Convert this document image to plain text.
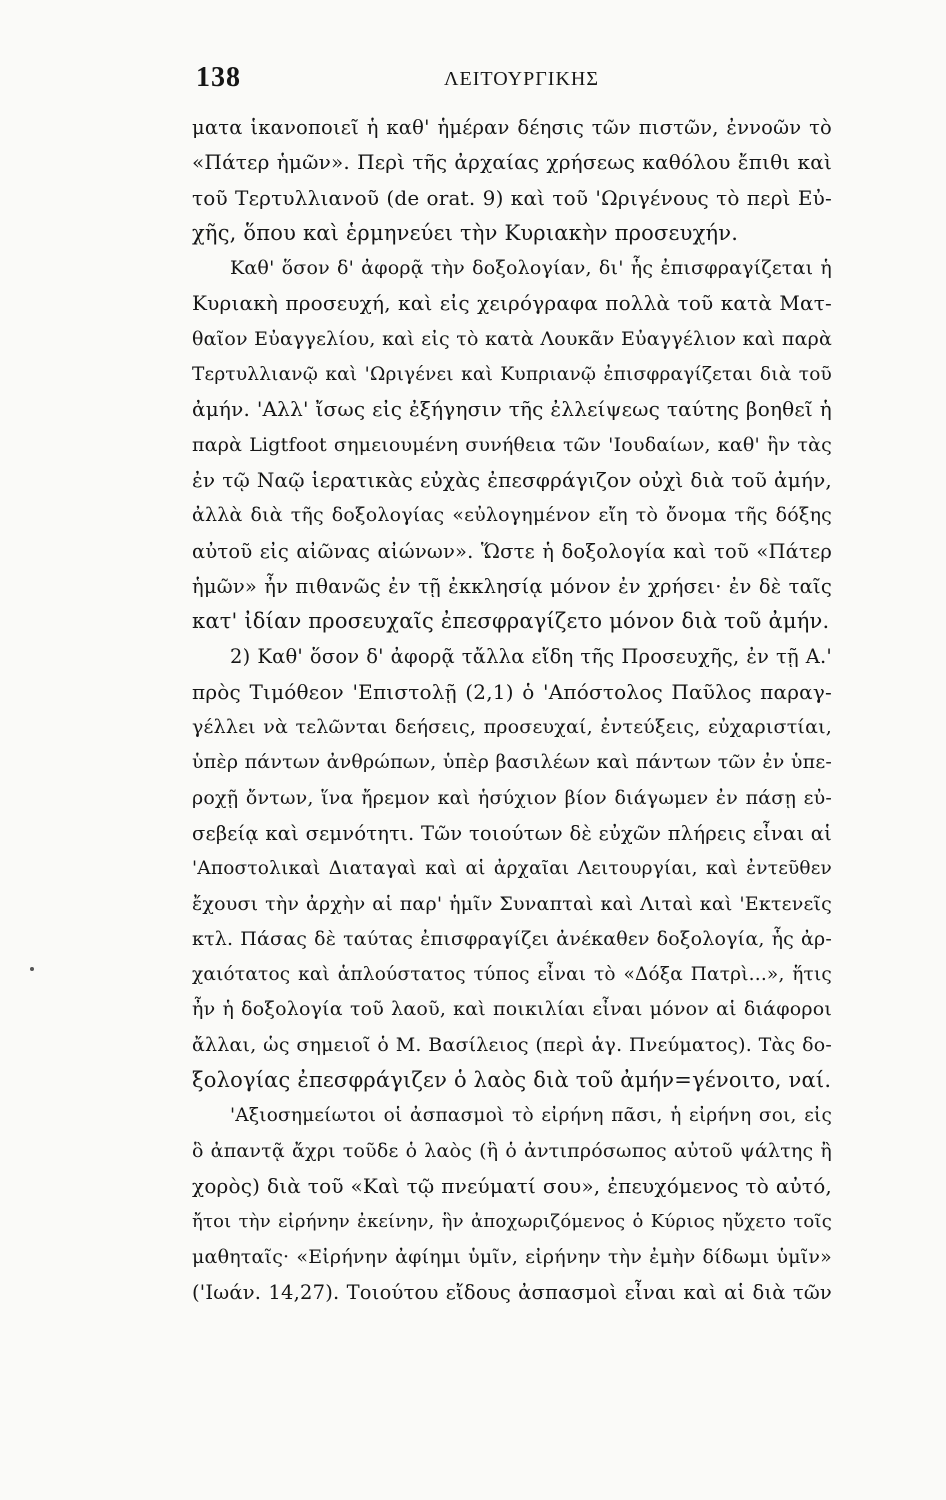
138	ΛΕΙΤΟΥΡΓΙΚΗΣ
ματα ἱκανοποιεῖ ἡ καθ' ἡμέραν δέησις τῶν πιστῶν, ἐννοῶν τὸ
«Πάτερ ἡμῶν». Περὶ τῆς ἀρχαίας χρήσεως καθόλου ἔπιθι καὶ
τοῦ Τερτυλλιανοῦ (de orat. 9) καὶ τοῦ 'Ωριγένους τὸ περὶ Εὐ-
χῆς, ὅπου καὶ ἑρμηνεύει τὴν Κυριακὴν προσευχήν.
Καθ' ὅσον δ' ἀφορᾷ τὴν δοξολογίαν, δι' ἧς ἐπισφραγίζεται ἡ
Κυριακὴ προσευχή, καὶ εἰς χειρόγραφα πολλὰ τοῦ κατὰ Ματ-
θαῖον Εὐαγγελίου, καὶ εἰς τὸ κατὰ Λουκᾶν Εὐαγγέλιον καὶ παρὰ
Τερτυλλιανῷ καὶ 'Ωριγένει καὶ Κυπριανῷ ἐπισφραγίζεται διὰ τοῦ
ἀμήν. 'Αλλ' ἴσως εἰς ἐξήγησιν τῆς ἐλλείψεως ταύτης βοηθεῖ ἡ
παρὰ Ligtfoot σημειουμένη συνήθεια τῶν 'Ιουδαίων, καθ' ἣν τὰς
ἐν τῷ Ναῷ ἱερατικὰς εὐχὰς ἐπεσφράγιζον οὐχὶ διὰ τοῦ ἀμήν,
ἀλλὰ διὰ τῆς δοξολογίας «εὐλογημένον εἴη τὸ ὄνομα τῆς δόξης
αὐτοῦ εἰς αἰῶνας αἰώνων». Ὥστε ἡ δοξολογία καὶ τοῦ «Πάτερ
ἡμῶν» ἦν πιθανῶς ἐν τῇ ἐκκλησίᾳ μόνον ἐν χρήσει· ἐν δὲ ταῖς
κατ' ἰδίαν προσευχαῖς ἐπεσφραγίζετο μόνον διὰ τοῦ ἀμήν.
2) Καθ' ὅσον δ' ἀφορᾷ τἄλλα εἴδη τῆς Προσευχῆς, ἐν τῇ Α.'
πρὸς Τιμόθεον 'Επιστολῇ (2,1) ὁ 'Απόστολος Παῦλος παραγ-
γέλλει νὰ τελῶνται δεήσεις, προσευχαί, ἐντεύξεις, εὐχαριστίαι,
ὑπὲρ πάντων ἀνθρώπων, ὑπὲρ βασιλέων καὶ πάντων τῶν ἐν ὑπε-
ροχῇ ὄντων, ἵνα ἤρεμον καὶ ἡσύχιον βίον διάγωμεν ἐν πάσῃ εὐ-
σεβείᾳ καὶ σεμνότητι. Τῶν τοιούτων δὲ εὐχῶν πλήρεις εἶναι αἱ
'Αποστολικαὶ Διαταγαὶ καὶ αἱ ἀρχαῖαι Λειτουργίαι, καὶ ἐντεῦθεν
ἔχουσι τὴν ἀρχὴν αἱ παρ' ἡμῖν Συναπταὶ καὶ Λιταὶ καὶ 'Εκτενεῖς
κτλ. Πάσας δὲ ταύτας ἐπισφραγίζει ἀνέκαθεν δοξολογία, ἧς ἀρ-
χαιότατος καὶ ἁπλούστατος τύπος εἶναι τὸ «Δόξα Πατρὶ...», ἥτις
ἦν ἡ δοξολογία τοῦ λαοῦ, καὶ ποικιλίαι εἶναι μόνον αἱ διάφοροι
ἄλλαι, ὡς σημειοῖ ὁ Μ. Βασίλειος (περὶ ἁγ. Πνεύματος). Τὰς δο-
ξολογίας ἐπεσφράγιζεν ὁ λαὸς διὰ τοῦ ἀμήν=γένοιτο, ναί.
'Αξιοσημείωτοι οἱ ἀσπασμοὶ τὸ εἰρήνη πᾶσι, ἡ εἰρήνη σοι, εἰς
ὃ ἀπαντᾷ ἄχρι τοῦδε ὁ λαὸς (ἢ ὁ ἀντιπρόσωπος αὐτοῦ ψάλτης ἢ
χορὸς) διὰ τοῦ «Καὶ τῷ πνεύματί σου», ἐπευχόμενος τὸ αὐτό,
ἤτοι τὴν εἰρήνην ἐκείνην, ἣν ἀποχωριζόμενος ὁ Κύριος ηὔχετο τοῖς
μαθηταῖς· «Εἰρήνην ἀφίημι ὑμῖν, εἰρήνην τὴν ἐμὴν δίδωμι ὑμῖν»
('Ιωάν. 14,27). Τοιούτου εἴδους ἀσπασμοὶ εἶναι καὶ αἱ διὰ τῶν
